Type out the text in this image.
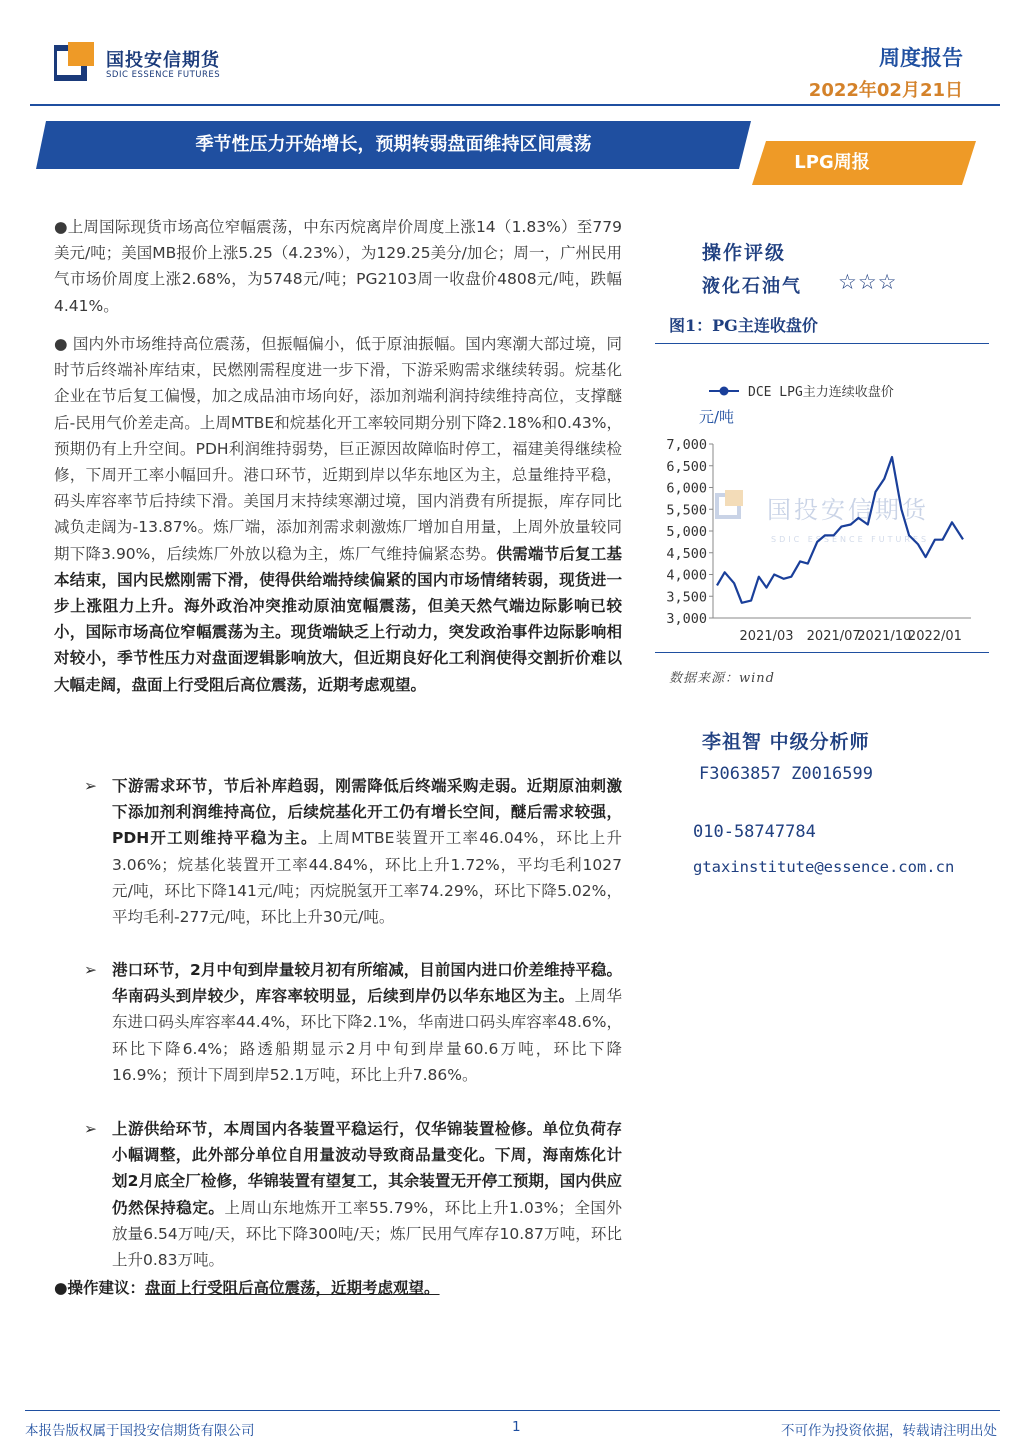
国投安信期货
SDIC ESSENCE FUTURES
周度报告
2022年02月21日
季节性压力开始增长，预期转弱盘面维持区间震荡
LPG周报
●上周国际现货市场高位窄幅震荡，中东丙烷离岸价周度上涨14（1.83%）至779美元/吨；美国MB报价上涨5.25（4.23%），为129.25美分/加仑；周一，广州民用气市场价周度上涨2.68%，为5748元/吨；PG2103周一收盘价4808元/吨，跌幅4.41%。
● 国内外市场维持高位震荡，但振幅偏小，低于原油振幅。国内寒潮大部过境，同时节后终端补库结束，民燃刚需程度进一步下滑，下游采购需求继续转弱。烷基化企业在节后复工偏慢，加之成品油市场向好，添加剂端利润持续维持高位，支撑醚后-民用气价差走高。上周MTBE和烷基化开工率较同期分别下降2.18%和0.43%，预期仍有上升空间。PDH利润维持弱势，巨正源因故障临时停工，福建美得继续检修，下周开工率小幅回升。港口环节，近期到岸以华东地区为主，总量维持平稳，码头库容率节后持续下滑。美国月末持续寒潮过境，国内消费有所提振，库存同比减负走阔为-13.87%。炼厂端，添加剂需求刺激炼厂增加自用量，上周外放量较同期下降3.90%，后续炼厂外放以稳为主，炼厂气维持偏紧态势。供需端节后复工基本结束，国内民燃刚需下滑，使得供给端持续偏紧的国内市场情绪转弱，现货进一步上涨阻力上升。海外政治冲突推动原油宽幅震荡，但美天然气端边际影响已较小，国际市场高位窄幅震荡为主。现货端缺乏上行动力，突发政治事件边际影响相对较小，季节性压力对盘面逻辑影响放大，但近期良好化工利润使得交割折价难以大幅走阔，盘面上行受阻后高位震荡，近期考虑观望。
➢ 下游需求环节，节后补库趋弱，刚需降低后终端采购走弱。近期原油刺激下添加剂利润维持高位，后续烷基化开工仍有增长空间，醚后需求较强，PDH开工则维持平稳为主。上周MTBE装置开工率46.04%，环比上升3.06%；烷基化装置开工率44.84%，环比上升1.72%，平均毛利1027元/吨，环比下降141元/吨；丙烷脱氢开工率74.29%，环比下降5.02%，平均毛利-277元/吨，环比上升30元/吨。
➢ 港口环节，2月中旬到岸量较月初有所缩减，目前国内进口价差维持平稳。华南码头到岸较少，库容率较明显，后续到岸仍以华东地区为主。上周华东进口码头库容率44.4%，环比下降2.1%，华南进口码头库容率48.6%，环比下降6.4%；路透船期显示2月中旬到岸量60.6万吨，环比下降16.9%；预计下周到岸52.1万吨，环比上升7.86%。
➢ 上游供给环节，本周国内各装置平稳运行，仅华锦装置检修。单位负荷存小幅调整，此外部分单位自用量波动导致商品量变化。下周，海南炼化计划2月底全厂检修，华锦装置有望复工，其余装置无开停工预期，国内供应仍然保持稳定。上周山东地炼开工率55.79%，环比上升1.03%；全国外放量6.54万吨/天，环比下降300吨/天；炼厂民用气库存10.87万吨，环比上升0.83万吨。
●操作建议：盘面上行受阻后高位震荡，近期考虑观望。
操作评级
液化石油气 ☆☆☆
图1：PG主连收盘价
国投安信期货
SDIC ESSENCE FUTURES
DCE LPG主力连续收盘价
元/吨
3,000
3,500
4,000
4,500
5,000
5,500
6,000
6,500
7,000
2021/03 2021/07
2021/10
2022/01
数据来源：wind
李祖智 中级分析师
F3063857 Z0016599
010-58747784
gtaxinstitute@essence.com.cn
本报告版权属于国投安信期货有限公司	1	不可作为投资依据，转载请注明出处
